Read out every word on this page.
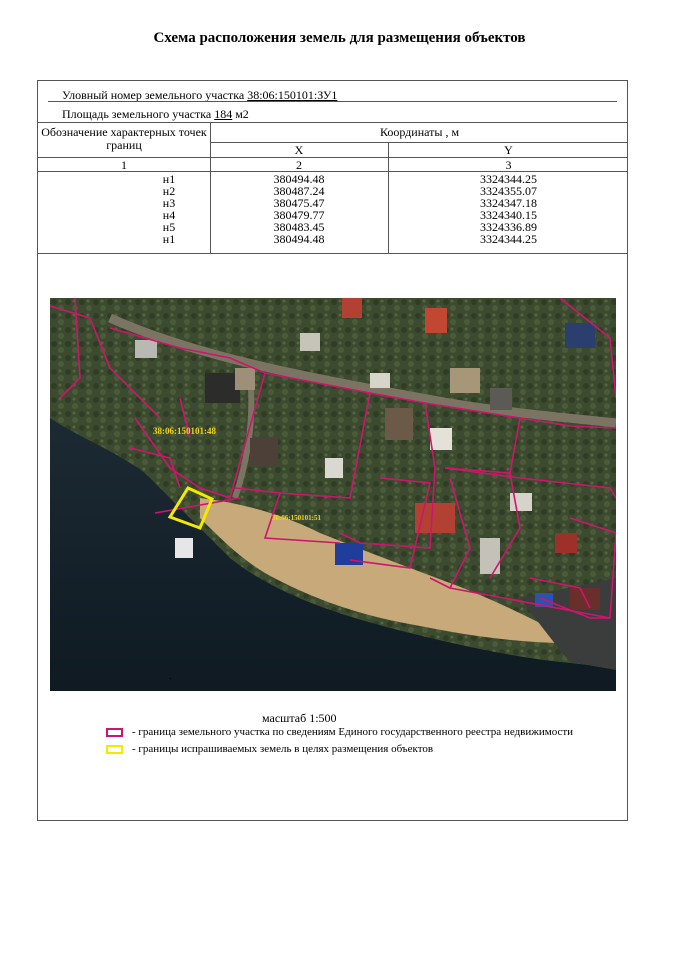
Схема расположения земель для размещения объектов
Уловный номер земельного участка 38:06:150101:ЗУ1
Площадь земельного участка 184 м2
Обозначение характерных точек границ
Координаты , м
X	Y
1	2	3
н1	380494.48	3324344.25
н2	380487.24	3324355.07
н3	380475.47	3324347.18
н4	380479.77	3324340.15
н5	380483.45	3324336.89
н1	380494.48	3324344.25
38:06:150101:48
38:06:150101:51
масштаб 1:500
- граница земельного участка по сведениям Единого государственного реестра недвижимости
- границы испрашиваемых земель в целях размещения объектов
